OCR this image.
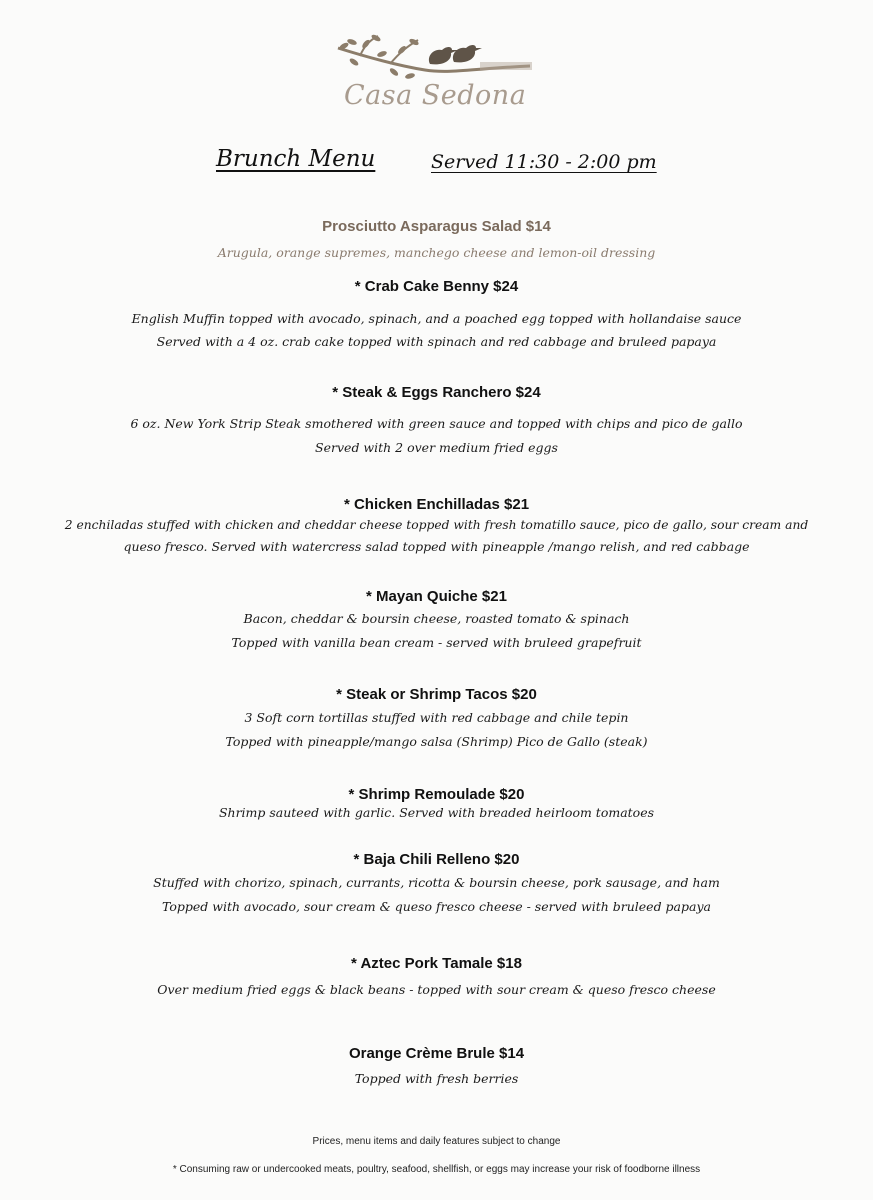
Casa Sedona
Brunch Menu	Served 11:30 - 2:00 pm
Prosciutto Asparagus Salad $14
Arugula, orange supremes, manchego cheese and lemon-oil dressing
* Crab Cake Benny $24
English Muffin topped with avocado, spinach, and a poached egg topped with hollandaise sauce
Served with a 4 oz. crab cake topped with spinach and red cabbage and bruleed papaya
* Steak & Eggs Ranchero $24
6 oz. New York Strip Steak smothered with green sauce and topped with chips and pico de gallo
Served with 2 over medium fried eggs
* Chicken Enchilladas $21
2 enchiladas stuffed with chicken and cheddar cheese topped with fresh tomatillo sauce, pico de gallo, sour cream and
queso fresco. Served with watercress salad topped with pineapple /mango relish, and red cabbage
* Mayan Quiche $21
Bacon, cheddar & boursin cheese, roasted tomato & spinach
Topped with vanilla bean cream - served with bruleed grapefruit
* Steak or Shrimp Tacos $20
3 Soft corn tortillas stuffed with red cabbage and chile tepin
Topped with pineapple/mango salsa (Shrimp) Pico de Gallo (steak)
* Shrimp Remoulade $20
Shrimp sauteed with garlic. Served with breaded heirloom tomatoes
* Baja Chili Relleno $20
Stuffed with chorizo, spinach, currants, ricotta & boursin cheese, pork sausage, and ham
Topped with avocado, sour cream & queso fresco cheese - served with bruleed papaya
* Aztec Pork Tamale $18
Over medium fried eggs & black beans - topped with sour cream & queso fresco cheese
Orange Crème Brule $14
Topped with fresh berries
Prices, menu items and daily features subject to change
* Consuming raw or undercooked meats, poultry, seafood, shellfish, or eggs may increase your risk of foodborne illness
